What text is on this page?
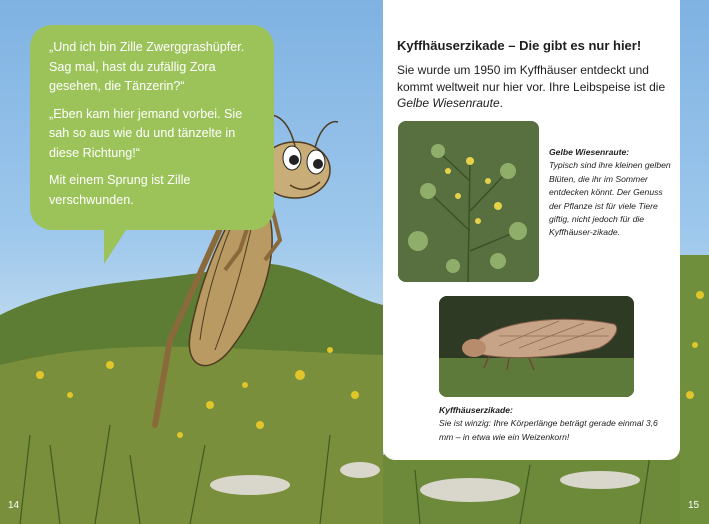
„Und ich bin Zille Zwerggrashüpfer. Sag mal, hast du zufällig Zora gesehen, die Tänzerin?“

„Eben kam hier jemand vorbei. Sie sah so aus wie du und tänzelte in diese Richtung!“

Mit einem Sprung ist Zille verschwunden.

Kyffhäuserzikade – Die gibt es nur hier!
Sie wurde um 1950 im Kyffhäuser entdeckt und kommt weltweit nur hier vor. Ihre Leibspeise ist die Gelbe Wiesenraute.
Gelbe Wiesenraute:
Typisch sind ihre kleinen gelben Blüten, die ihr im Sommer entdecken könnt. Der Genuss der Pflanze ist für viele Tiere giftig, nicht jedoch für die Kyffhäuser-zikade.
Kyffhäuserzikade:
Sie ist winzig: Ihre Körperlänge beträgt gerade einmal 3,6 mm – in etwa wie ein Weizenkorn!
14	15
